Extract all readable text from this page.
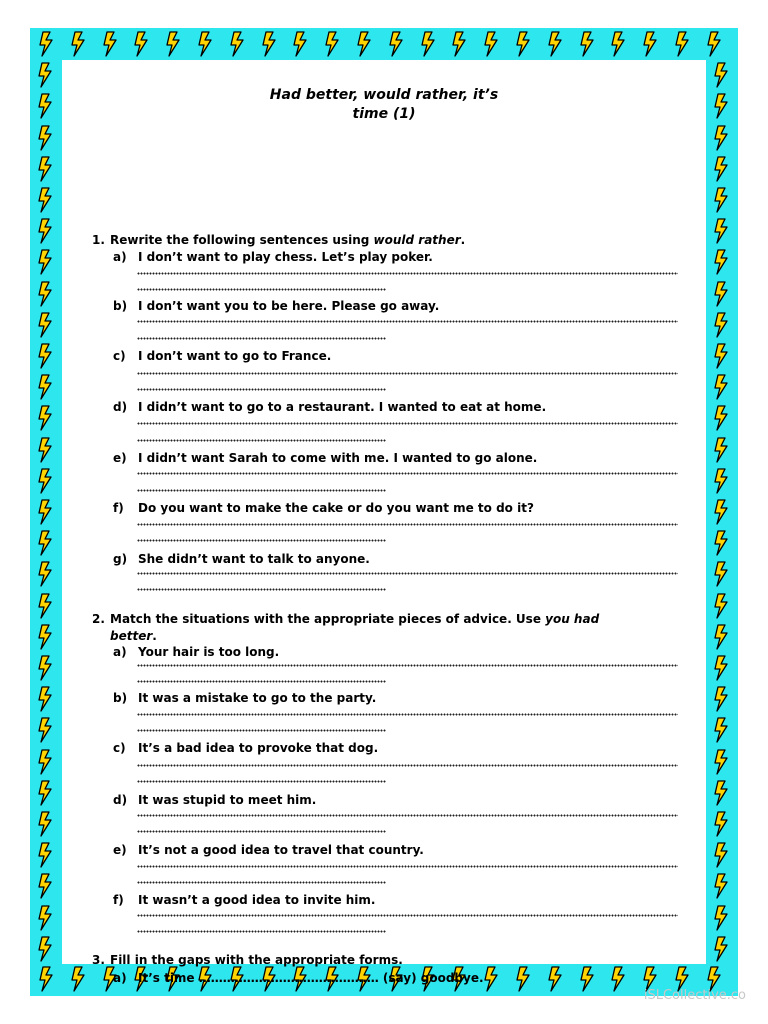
Had better, would rather, it’s
time (1)
1. Rewrite the following sentences using would rather.
a) I don’t want to play chess. Let’s play poker.
b) I don’t want you to be here. Please go away.
c) I don’t want to go to France.
d) I didn’t want to go to a restaurant. I wanted to eat at home.
e) I didn’t want Sarah to come with me. I wanted to go alone.
f) Do you want to make the cake or do you want me to do it?
g) She didn’t want to talk to anyone.
2. Match the situations with the appropriate pieces of advice. Use you had
better.
a) Your hair is too long.
b) It was a mistake to go to the party.
c) It’s a bad idea to provoke that dog.
d) It was stupid to meet him.
e) It’s not a good idea to travel that country.
f) It wasn’t a good idea to invite him.
3. Fill in the gaps with the appropriate forms.
a) It’s time ……………………………………… (say) goodbye.
iSLCollective.co
